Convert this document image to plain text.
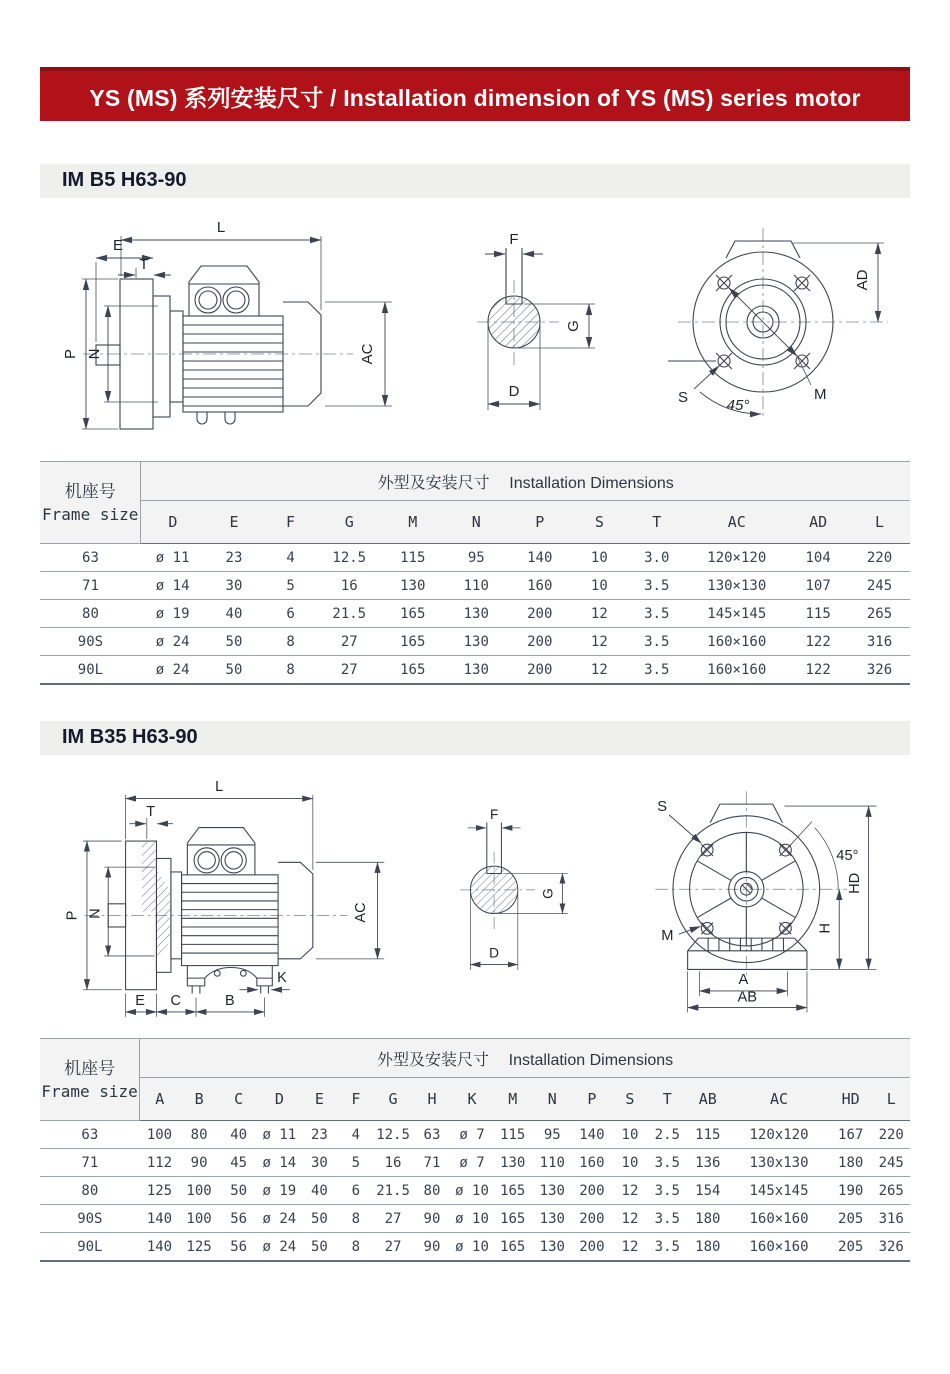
YS (MS) 系列安装尺寸 / Installation dimension of YS (MS) series motor
IM B5 H63-90
L
E
T
P N	AC
F
G
D	M
AD
S	45°
机座号
Frame size	外型及安装尺寸 Installation Dimensions											
	D	E	F	G	M	N	P	S	T	AC	AD	L
63	ø 11	23	4	12.5	115	95	140	10	3.0	120×120	104	220
71	ø 14	30	5	16	130	110	160	10	3.5	130×130	107	245
80	ø 19	40	6	21.5	165	130	200	12	3.5	145×145	115	265
90S	ø 24	50	8	27	165	130	200	12	3.5	160×160	122	316
90L	ø 24	50	8	27	165	130	200	12	3.5	160×160	122	326
IM B35 H63-90
L
T
P N	AC
K
E C	B
F
G
D
S
45°
HD
H
M
A
AB
机座号
Frame size	外型及安装尺寸 Installation Dimensions																	
	A	B	C	D	E	F	G	H	K	M	N	P	S	T	AB	AC	HD	L
63	100	80	40	ø 11	23	4	12.5	63	ø 7	115	95	140	10	2.5	115	120x120	167	220
71	112	90	45	ø 14	30	5	16	71	ø 7	130	110	160	10	3.5	136	130x130	180	245
80	125	100	50	ø 19	40	6	21.5	80	ø 10	165	130	200	12	3.5	154	145x145	190	265
90S	140	100	56	ø 24	50	8	27	90	ø 10	165	130	200	12	3.5	180	160×160	205	316
90L	140	125	56	ø 24	50	8	27	90	ø 10	165	130	200	12	3.5	180	160×160	205	326
